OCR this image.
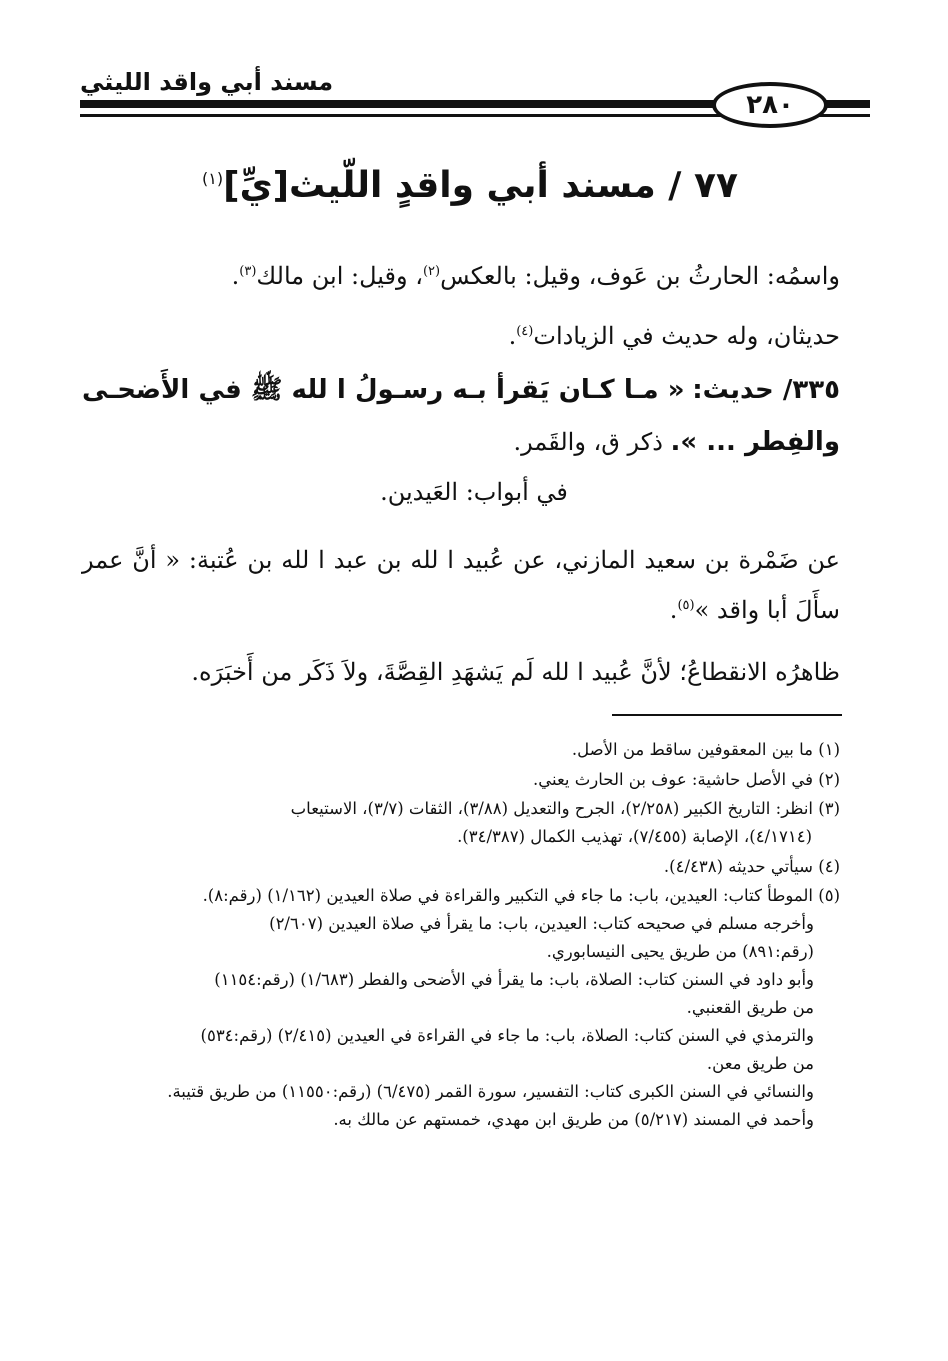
مسند أبي واقد الليثي
٢٨٠
٧٧ / مسند أبي واقدٍ اللّيث[يِّ]$^{(١)}$
واسمُه: الحارثُ بن عَوف، وقيل: بالعكس$^{(٢)}$، وقيل: ابن مالك$^{(٣)}$.
حديثان، وله حديث في الزيادات$^{(٤)}$.
٣٣٥/ حديث: « مـا كـان يَقرأ بـه رسـولُ ا لله ﷺ في الأَضحـى
والفِطر ... ». ذكر ق، والقَمر.
في أبواب: العَيدين.
عن ضَمْرة بن سعيد المازني، عن عُبيد ا لله بن عبد ا لله بن عُتبة: « أنَّ عمر
سأَلَ أبا واقد »$^{(٥)}$.
ظاهرُه الانقطاعُ؛ لأنَّ عُبيد ا لله لَم يَشهَدِ القِصَّةَ، ولاَ ذَكَر من أَخبَرَه.
(١) ما بين المعقوفين ساقط من الأصل.
(٢) في الأصل حاشية: عوف بن الحارث يعني.
(٣) انظر: التاريخ الكبير (٢/٢٥٨)، الجرح والتعديل (٣/٨٨)، الثقات (٣/٧)، الاستيعاب
(٤/١٧١٤)، الإصابة (٧/٤٥٥)، تهذيب الكمال (٣٤/٣٨٧).
(٤) سيأتي حديثه (٤/٤٣٨).
(٥) الموطأ كتاب: العيدين، باب: ما جاء في التكبير والقراءة في صلاة العيدين (١/١٦٢) (رقم:٨).
وأخرجه مسلم في صحيحه كتاب: العيدين، باب: ما يقرأ في صلاة العيدين (٢/٦٠٧)
(رقم:٨٩١) من طريق يحيى النيسابوري.
وأبو داود في السنن كتاب: الصلاة، باب: ما يقرأ في الأضحى والفطر (١/٦٨٣) (رقم:١١٥٤)
من طريق القعنبي.
والترمذي في السنن كتاب: الصلاة، باب: ما جاء في القراءة في العيدين (٢/٤١٥) (رقم:٥٣٤)
من طريق معن.
والنسائي في السنن الكبرى كتاب: التفسير، سورة القمر (٦/٤٧٥) (رقم:١١٥٥٠) من طريق قتيبة.
وأحمد في المسند (٥/٢١٧) من طريق ابن مهدي، خمستهم عن مالك به.
